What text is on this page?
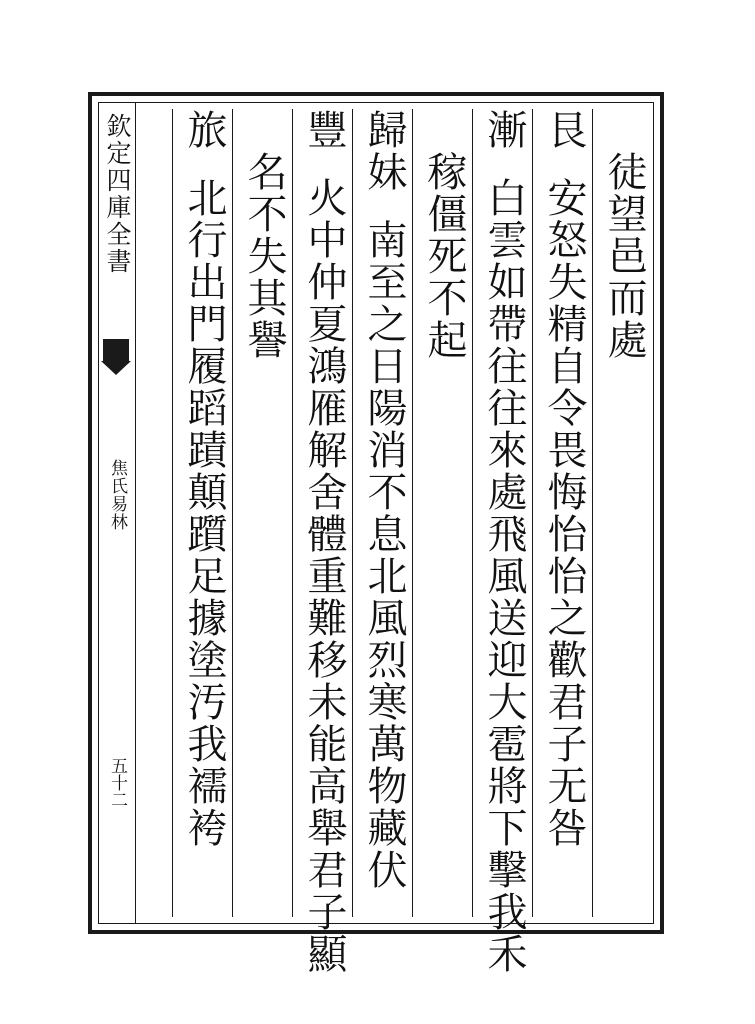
欽定四庫全書
焦氏易林
五十二
徒望邑而處
艮安怒失精自令畏悔怡怡之歡君子无咎
漸白雲如帶往往來處飛風送迎大雹將下擊我禾
稼僵死不起
歸妹南至之日陽消不息北風烈寒萬物藏伏
豐火中仲夏鴻雁解舍體重難移未能高舉君子顯
名不失其譽
旅北行出門履蹈蹟顛躓足據塗汚我襦袴
